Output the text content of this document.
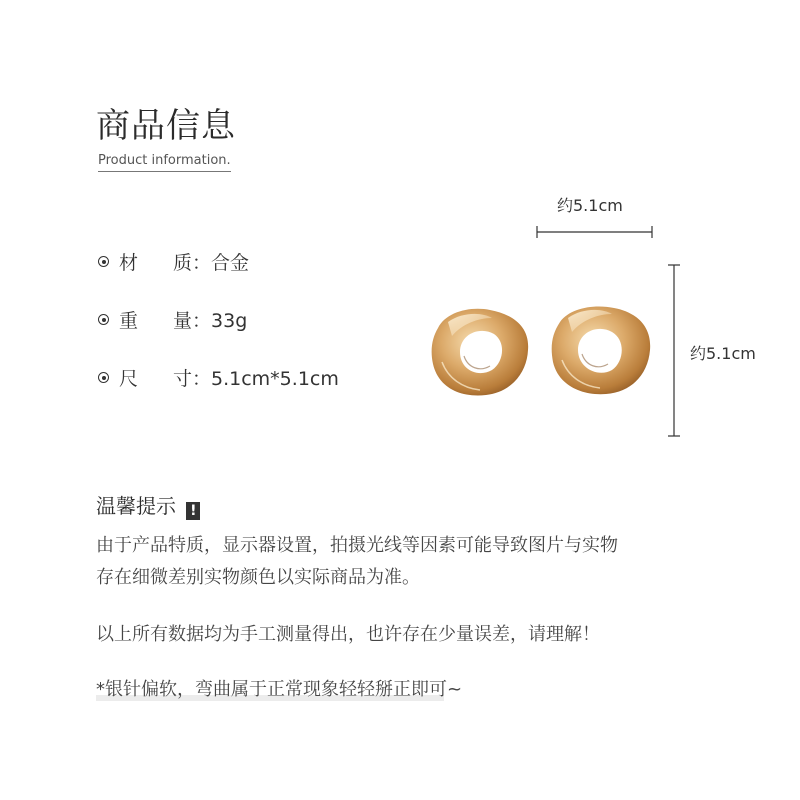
商品信息
Product information.
材 质：合金
重 量：33g
尺 寸：5.1cm*5.1cm
约5.1cm
约5.1cm
温馨提示 !
由于产品特质，显示器设置，拍摄光线等因素可能导致图片与实物
存在细微差别实物颜色以实际商品为准。
以上所有数据均为手工测量得出，也许存在少量误差，请理解！
*银针偏软，弯曲属于正常现象轻轻掰正即可~
